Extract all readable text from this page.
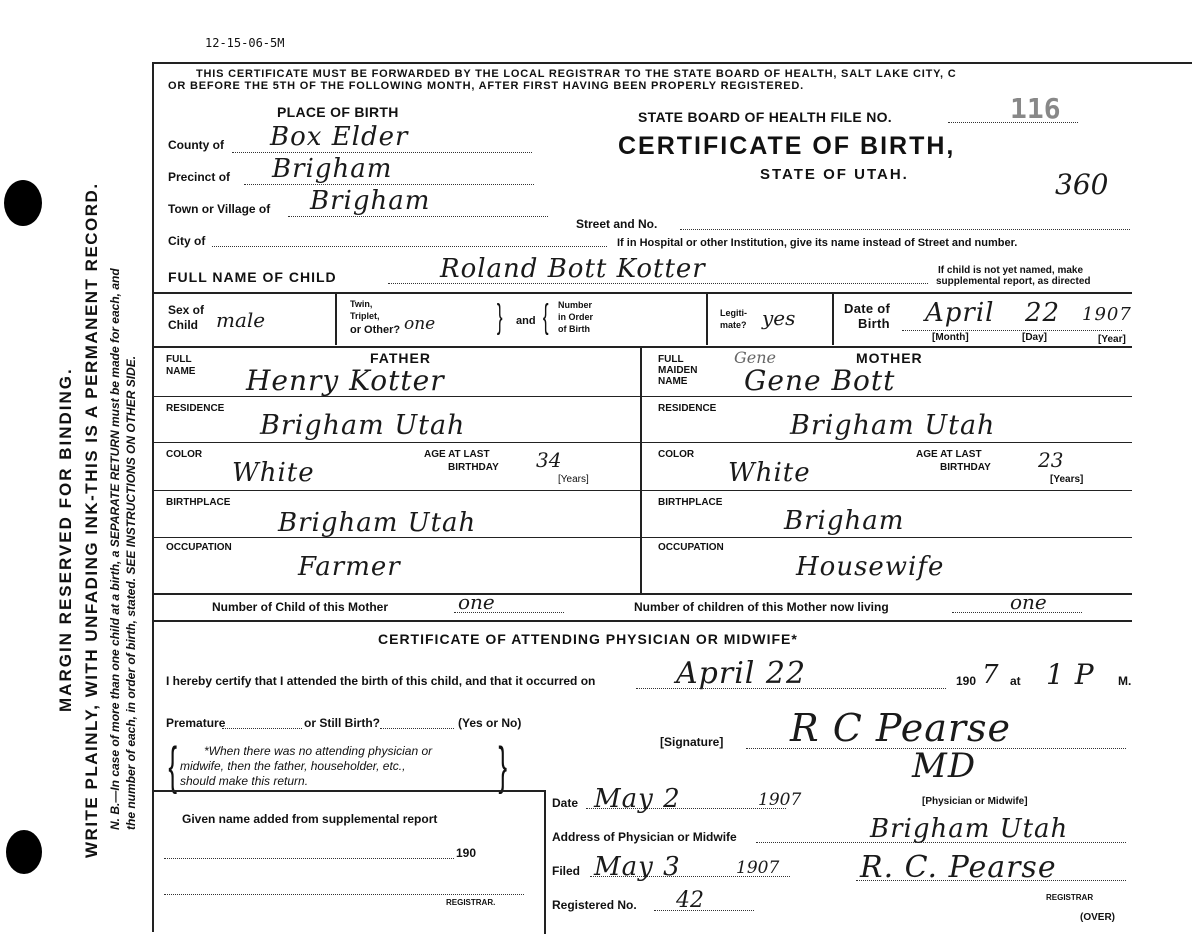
12-15-06-5M
MARGIN RESERVED FOR BINDING. WRITE PLAINLY, WITH UNFADING INK-THIS IS A PERMANENT RECORD. N. B.—In case of more than one child at a birth, a SEPARATE RETURN must be made for each, and the number of each, in order of birth, stated. SEE INSTRUCTIONS ON OTHER SIDE.
THIS CERTIFICATE MUST BE FORWARDED BY THE LOCAL REGISTRAR TO THE STATE BOARD OF HEALTH, SALT LAKE CITY, C
OR BEFORE THE 5TH OF THE FOLLOWING MONTH, AFTER FIRST HAVING BEEN PROPERLY REGISTERED.
PLACE OF BIRTH
County of Box Elder
Precinct of Brigham
Town or Village of Brigham
City of
STATE BOARD OF HEALTH FILE NO.	116
CERTIFICATE OF BIRTH,
STATE OF UTAH.	360
Street and No.
If in Hospital or other Institution, give its name instead of Street and number.
FULL NAME OF CHILD	Roland Bott Kotter	If child is not yet named, make
supplemental report, as directed
Sex of
Child male
Twin,
Triplet,
or Other? one } and { Number
in Order
of Birth
Legiti-
mate? yes	Date of
Birth April 22 1907
[Month]	[Day]	[Year]
FATHER
FULL
NAME Henry Kotter
RESIDENCE
Brigham Utah
COLOR
White
AGE AT LAST
BIRTHDAY 34
[Years]
BIRTHPLACE
Brigham Utah
OCCUPATION
Farmer
MOTHER
FULL
MAIDEN
NAME
Gene
Gene Bott
RESIDENCE
Brigham Utah
COLOR
White
AGE AT LAST
BIRTHDAY 23
[Years]
BIRTHPLACE
Brigham
OCCUPATION
Housewife
Number of Child of this Mother	one	Number of children of this Mother now living	one
CERTIFICATE OF ATTENDING PHYSICIAN OR MIDWIFE*
I hereby certify that I attended the birth of this child, and that it occurred on	April 22	190 7 at 1 P M.
Premature	or Still Birth?	(Yes or No)
{ *When there was no attending physician or
midwife, then the father, householder, etc.,
should make this return.	}	[Signature] R C Pearse
MD
[Physician or Midwife]
Date May 2	1907
Address of Physician or Midwife	Brigham Utah
Filed May 3	1907	R. C. Pearse
REGISTRAR
Registered No. 42
(OVER)
Given name added from supplemental report
190
REGISTRAR.
